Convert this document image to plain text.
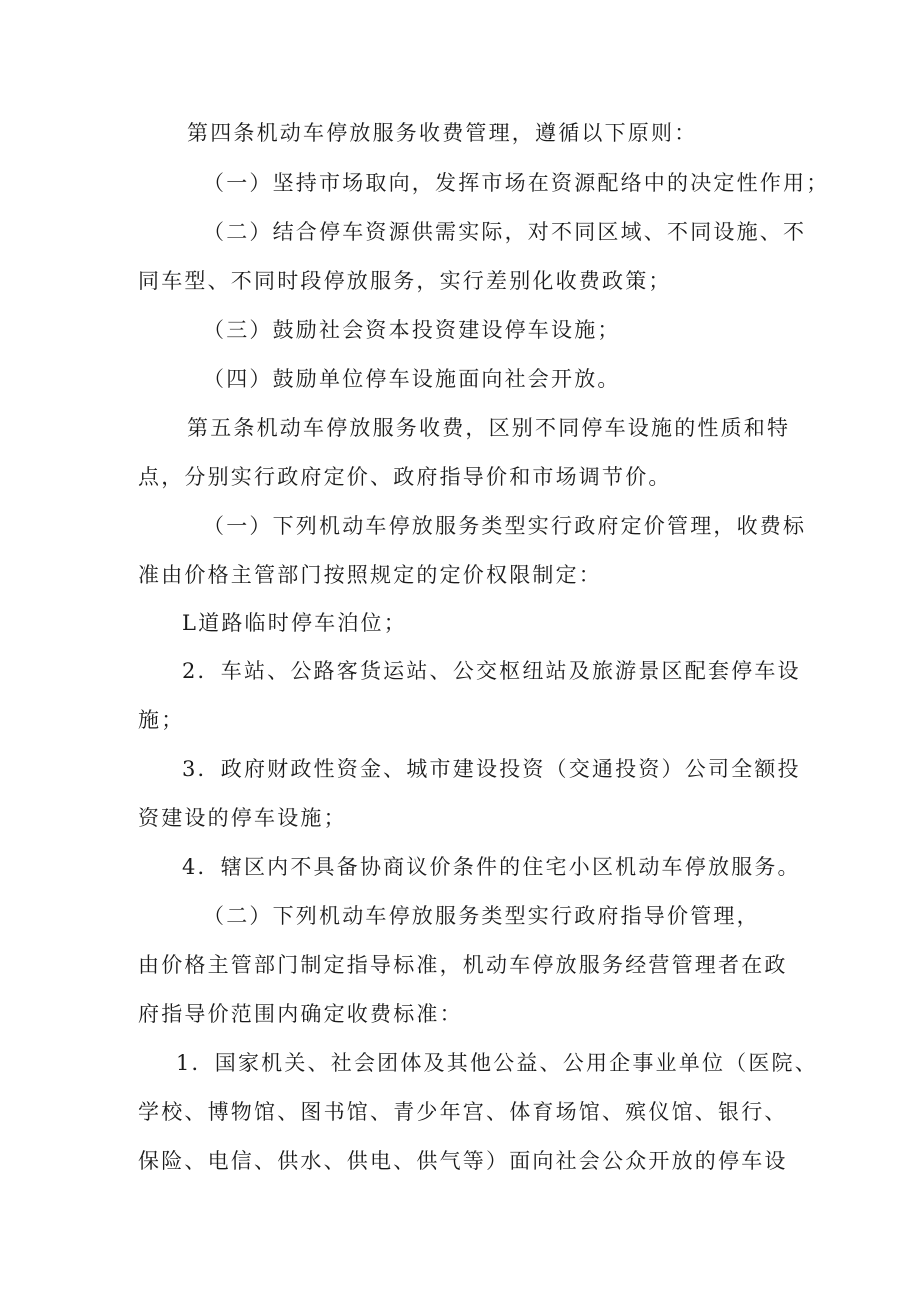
第四条机动车停放服务收费管理，遵循以下原则：
（一）坚持市场取向，发挥市场在资源配络中的决定性作用；
（二）结合停车资源供需实际，对不同区域、不同设施、不
同车型、不同时段停放服务，实行差别化收费政策；
（三）鼓励社会资本投资建设停车设施；
（四）鼓励单位停车设施面向社会开放。
第五条机动车停放服务收费，区别不同停车设施的性质和特
点，分别实行政府定价、政府指导价和市场调节价。
（一）下列机动车停放服务类型实行政府定价管理，收费标
准由价格主管部门按照规定的定价权限制定：
L道路临时停车泊位；
2．车站、公路客货运站、公交枢纽站及旅游景区配套停车设
施；
3．政府财政性资金、城市建设投资（交通投资）公司全额投
资建设的停车设施；
4．辖区内不具备协商议价条件的住宅小区机动车停放服务。
（二）下列机动车停放服务类型实行政府指导价管理，
由价格主管部门制定指导标准，机动车停放服务经营管理者在政
府指导价范围内确定收费标准：
1．国家机关、社会团体及其他公益、公用企事业单位（医院、
学校、博物馆、图书馆、青少年宫、体育场馆、殡仪馆、银行、
保险、电信、供水、供电、供气等）面向社会公众开放的停车设
